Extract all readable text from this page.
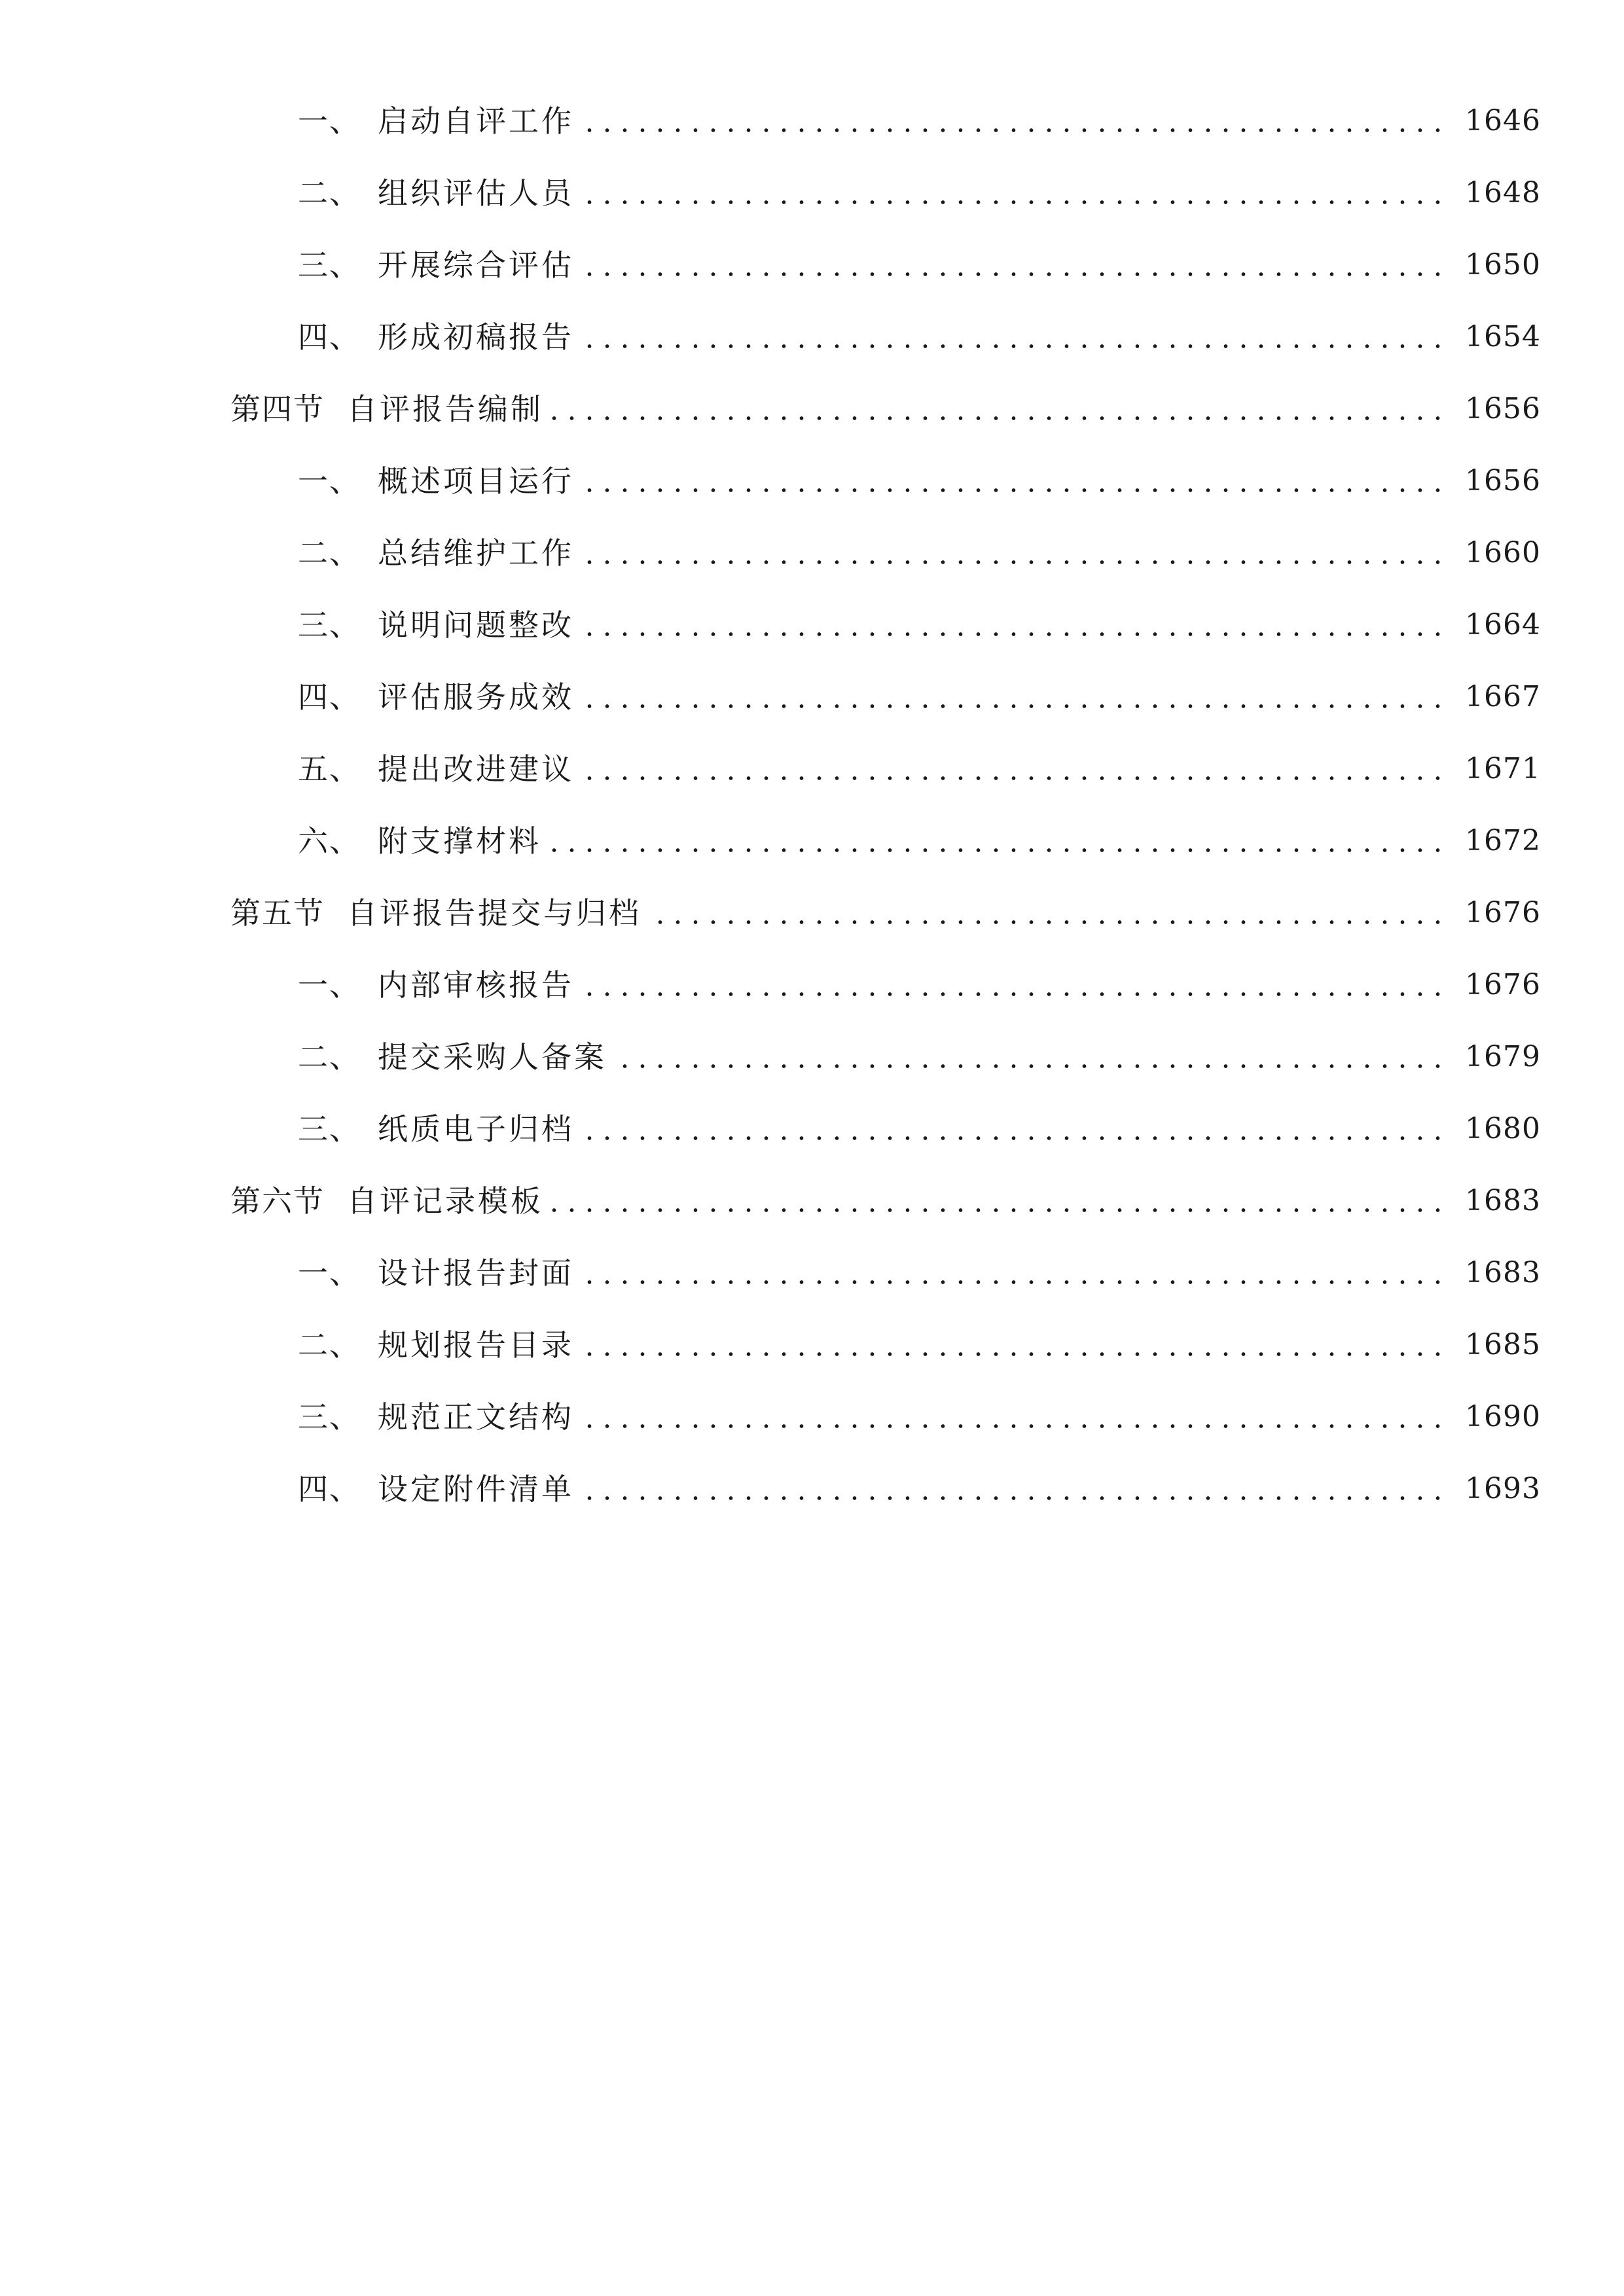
一、 启动自评工作	1646
二、 组织评估人员	1648
三、 开展综合评估	1650
四、 形成初稿报告	1654
第四节 自评报告编制	1656
一、 概述项目运行	1656
二、 总结维护工作	1660
三、 说明问题整改	1664
四、 评估服务成效	1667
五、 提出改进建议	1671
六、 附支撑材料	1672
第五节 自评报告提交与归档	1676
一、 内部审核报告	1676
二、 提交采购人备案	1679
三、 纸质电子归档	1680
第六节 自评记录模板	1683
一、 设计报告封面	1683
二、 规划报告目录	1685
三、 规范正文结构	1690
四、 设定附件清单	1693
